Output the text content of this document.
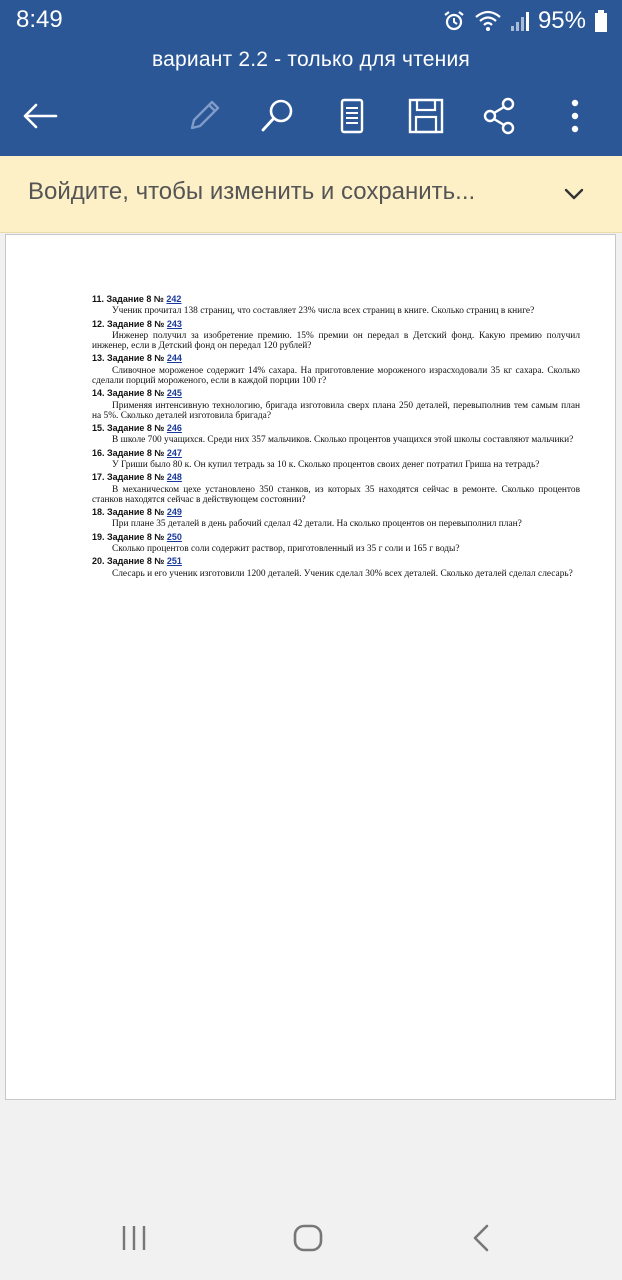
8:49	95%
вариант 2.2 - только для чтения
Войдите, чтобы изменить и сохранить...
11. Задание 8 № 242
Ученик прочитал 138 страниц, что составляет 23% числа всех страниц в книге. Сколько страниц в книге?
12. Задание 8 № 243
Инженер получил за изобретение премию. 15% премии он передал в Детский фонд. Какую премию получил инженер, если в Детский фонд он передал 120 рублей?
13. Задание 8 № 244
Сливочное мороженое содержит 14% сахара. На приготовление мороженого израсходовали 35 кг сахара. Сколько сделали порций мороженого, если в каждой порции 100 г?
14. Задание 8 № 245
Применяя интенсивную технологию, бригада изготовила сверх плана 250 деталей, перевыполнив тем самым план на 5%. Сколько деталей изготовила бригада?
15. Задание 8 № 246
В школе 700 учащихся. Среди них 357 мальчиков. Сколько процентов учащихся этой школы составляют мальчики?
16. Задание 8 № 247
У Гриши было 80 к. Он купил тетрадь за 10 к. Сколько процентов своих денег потратил Гриша на тетрадь?
17. Задание 8 № 248
В механическом цехе установлено 350 станков, из которых 35 находятся сейчас в ремонте. Сколько процентов станков находятся сейчас в действующем состоянии?
18. Задание 8 № 249
При плане 35 деталей в день рабочий сделал 42 детали. На сколько процентов он перевыполнил план?
19. Задание 8 № 250
Сколько процентов соли содержит раствор, приготовленный из 35 г соли и 165 г воды?
20. Задание 8 № 251
Слесарь и его ученик изготовили 1200 деталей. Ученик сделал 30% всех деталей. Сколько деталей сделал слесарь?
